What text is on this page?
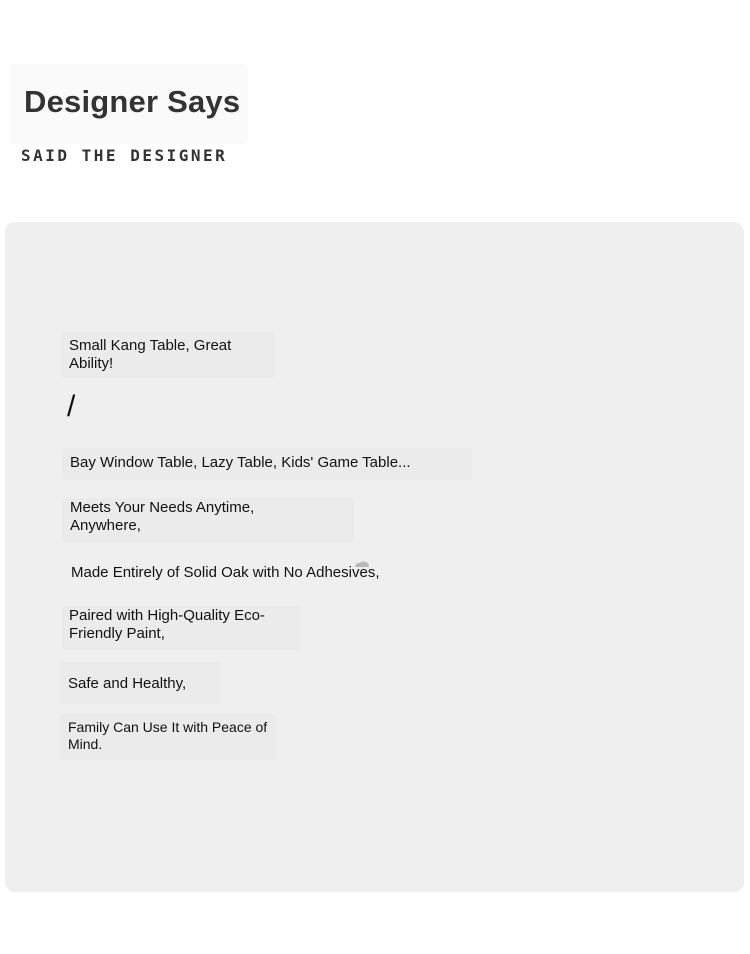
Designer Says

SAID THE DESIGNER

Small Kang Table, Great Ability!
/
Bay Window Table, Lazy Table, Kids' Game Table...
Meets Your Needs Anytime, Anywhere,
Made Entirely of Solid Oak with No Adhesives,
Paired with High-Quality Eco-Friendly Paint,
Safe and Healthy,
Family Can Use It with Peace of Mind.
